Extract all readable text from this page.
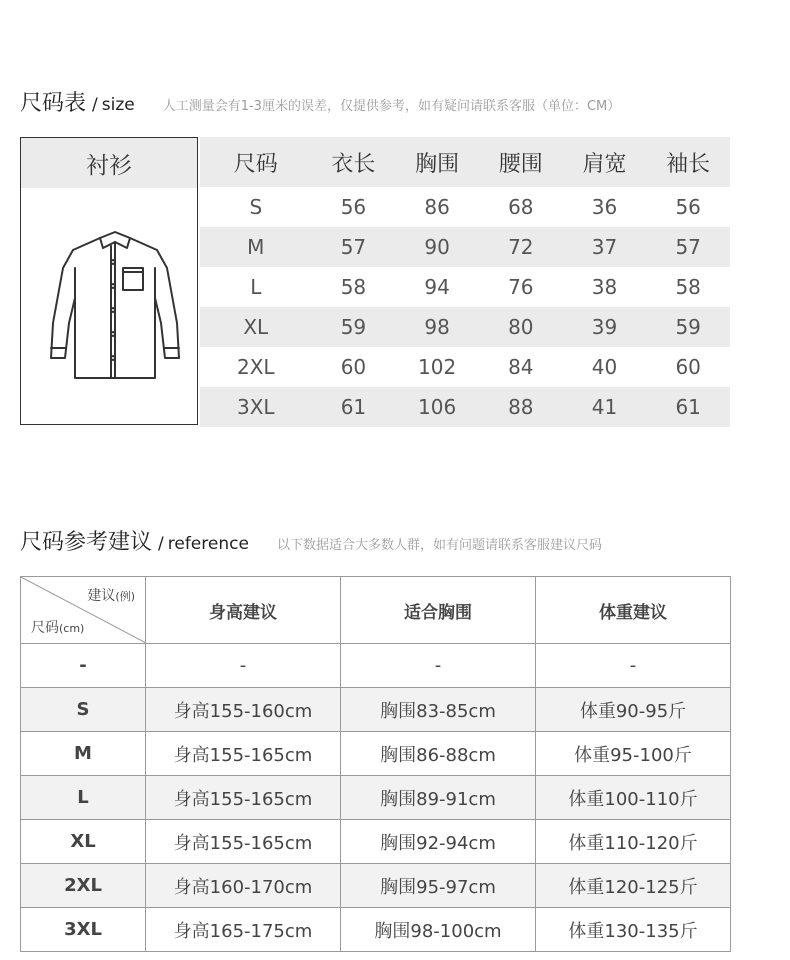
尺码表 / size 人工测量会有1-3厘米的误差，仅提供参考，如有疑问请联系客服（单位：CM）
衬衫	尺码	衣长	胸围	腰围	肩宽	袖长
S	56	86	68	36	56
M	57	90	72	37	57
L	58	94	76	38	58
XL	59	98	80	39	59
2XL	60	102	84	40	60
3XL	61	106	88	41	61
尺码参考建议 / reference 以下数据适合大多数人群，如有问题请联系客服建议尺码
建议(例)
尺码(cm)	身高建议	适合胸围	体重建议
-	-	-	-
S	身高155-160cm	胸围83-85cm	体重90-95斤
M	身高155-165cm	胸围86-88cm	体重95-100斤
L	身高155-165cm	胸围89-91cm	体重100-110斤
XL	身高155-165cm	胸围92-94cm	体重110-120斤
2XL	身高160-170cm	胸围95-97cm	体重120-125斤
3XL	身高165-175cm	胸围98-100cm	体重130-135斤
